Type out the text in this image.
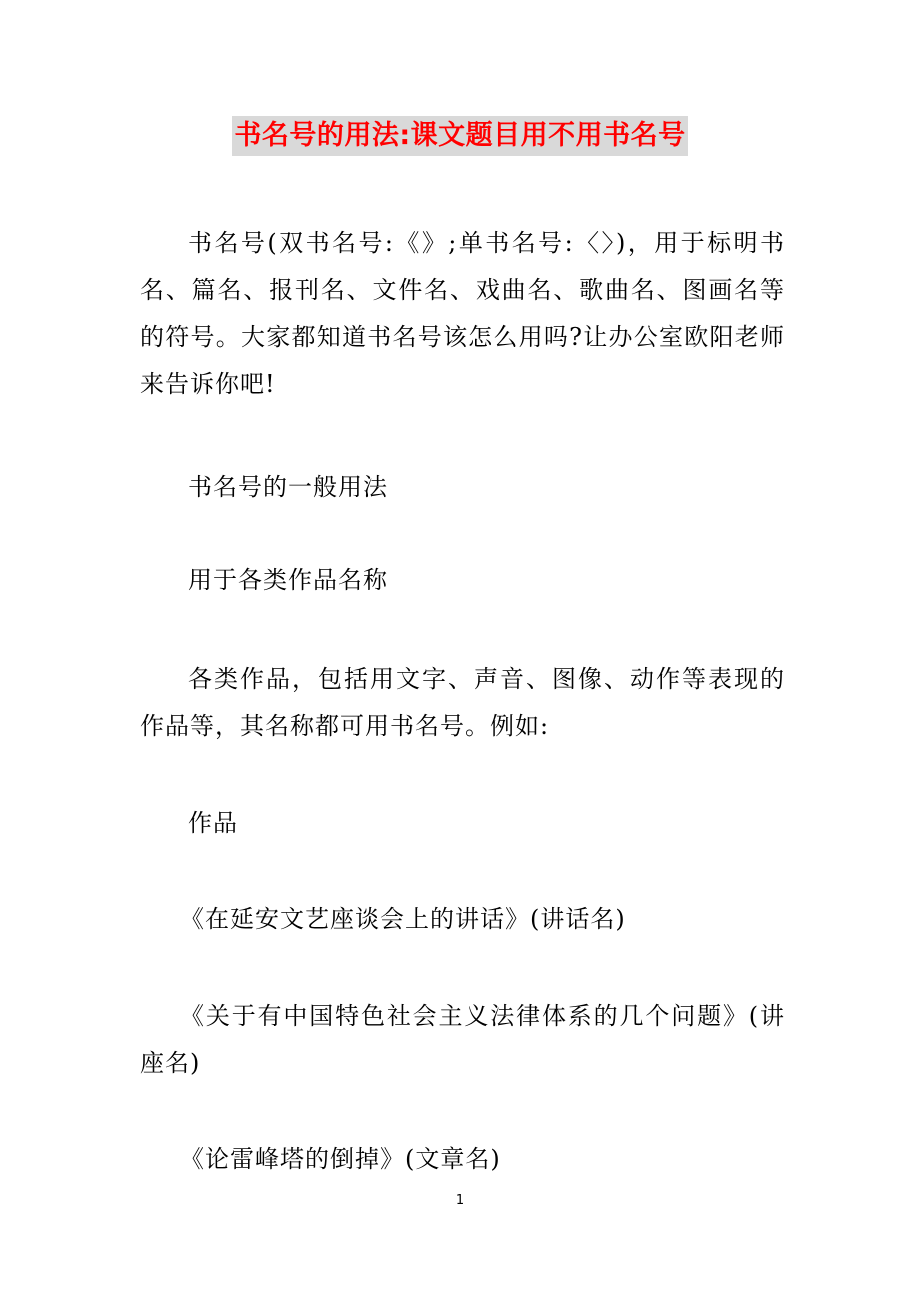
书名号的用法:课文题目用不用书名号

书名号(双书名号:《》;单书名号:〈〉)，用于标明书名、篇名、报刊名、文件名、戏曲名、歌曲名、图画名等的符号。大家都知道书名号该怎么用吗?让办公室欧阳老师来告诉你吧!

书名号的一般用法

用于各类作品名称

各类作品，包括用文字、声音、图像、动作等表现的作品等，其名称都可用书名号。例如:

作品

《在延安文艺座谈会上的讲话》(讲话名)

《关于有中国特色社会主义法律体系的几个问题》(讲座名)

《论雷峰塔的倒掉》(文章名)

1
